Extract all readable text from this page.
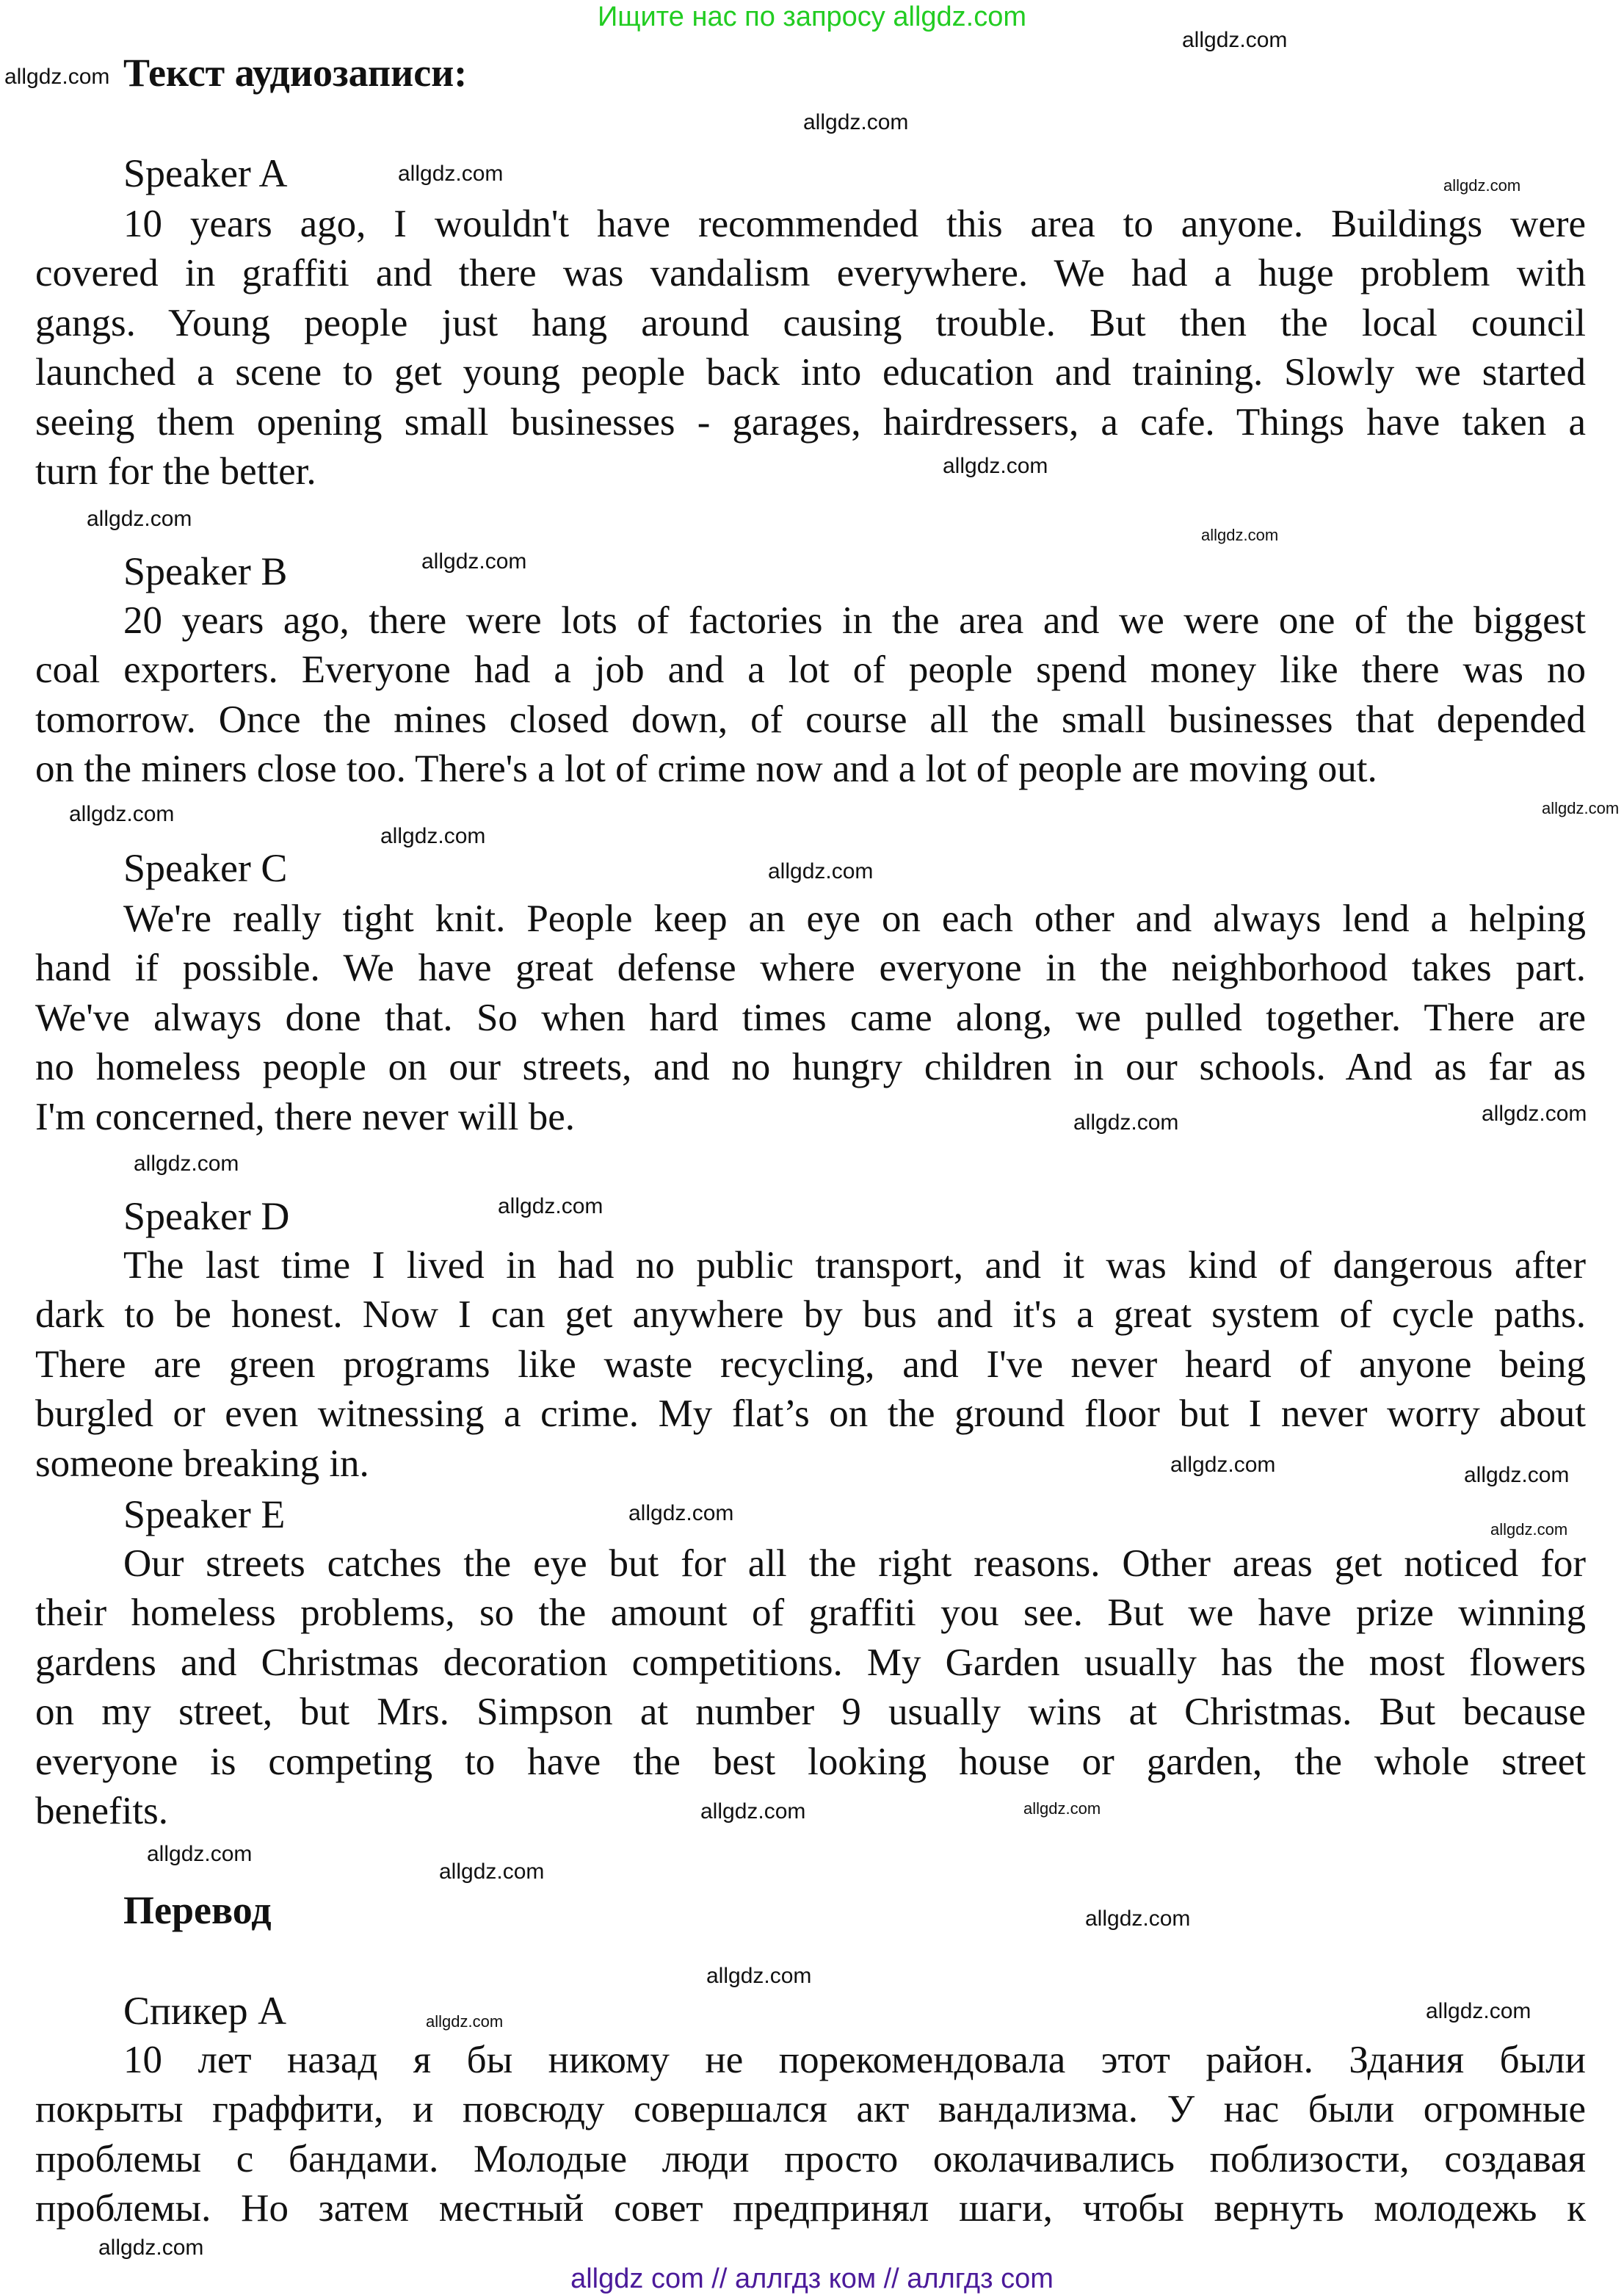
Ищите нас по запросу allgdz.com
Текст аудиозаписи:
Speaker A
10 years ago, I wouldn't have recommended this area to anyone. Buildings were
covered in graffiti and there was vandalism everywhere. We had a huge problem with
gangs. Young people just hang around causing trouble. But then the local council
launched a scene to get young people back into education and training. Slowly we started
seeing them opening small businesses - garages, hairdressers, a cafe. Things have taken a
turn for the better.
Speaker B
20 years ago, there were lots of factories in the area and we were one of the biggest
coal exporters. Everyone had a job and a lot of people spend money like there was no
tomorrow. Once the mines closed down, of course all the small businesses that depended
on the miners close too. There's a lot of crime now and a lot of people are moving out.
Speaker C
We're really tight knit. People keep an eye on each other and always lend a helping
hand if possible. We have great defense where everyone in the neighborhood takes part.
We've always done that. So when hard times came along, we pulled together. There are
no homeless people on our streets, and no hungry children in our schools. And as far as
I'm concerned, there never will be.
Speaker D
The last time I lived in had no public transport, and it was kind of dangerous after
dark to be honest. Now I can get anywhere by bus and it's a great system of cycle paths.
There are green programs like waste recycling, and I've never heard of anyone being
burgled or even witnessing a crime. My flat’s on the ground floor but I never worry about
someone breaking in.
Speaker E
Our streets catches the eye but for all the right reasons. Other areas get noticed for
their homeless problems, so the amount of graffiti you see. But we have prize winning
gardens and Christmas decoration competitions. My Garden usually has the most flowers
on my street, but Mrs. Simpson at number 9 usually wins at Christmas. But because
everyone is competing to have the best looking house or garden, the whole street
benefits.
Спикер А
10 лет назад я бы никому не порекомендовала этот район. Здания были
покрыты граффити, и повсюду совершался акт вандализма. У нас были огромные
проблемы с бандами. Молодые люди просто околачивались поблизости, создавая
проблемы. Но затем местный совет предпринял шаги, чтобы вернуть молодежь к
Перевод
allgdz.com
allgdz.com
allgdz.com
allgdz.com	allgdz.com
allgdz.com
allgdz.com
allgdz.com
allgdz.com
allgdz.com
allgdz.com
allgdz.com
allgdz.com
allgdz.com
allgdz.com
allgdz.com
allgdz.com
allgdz.com	allgdz.com
allgdz.com
allgdz.com
allgdz.com
allgdz.com
allgdz.com
allgdz.com
allgdz.com
allgdz.com
allgdz.com
allgdz.com
allgdz.com
allgdz com // аллгдз ком // аллгдз com
